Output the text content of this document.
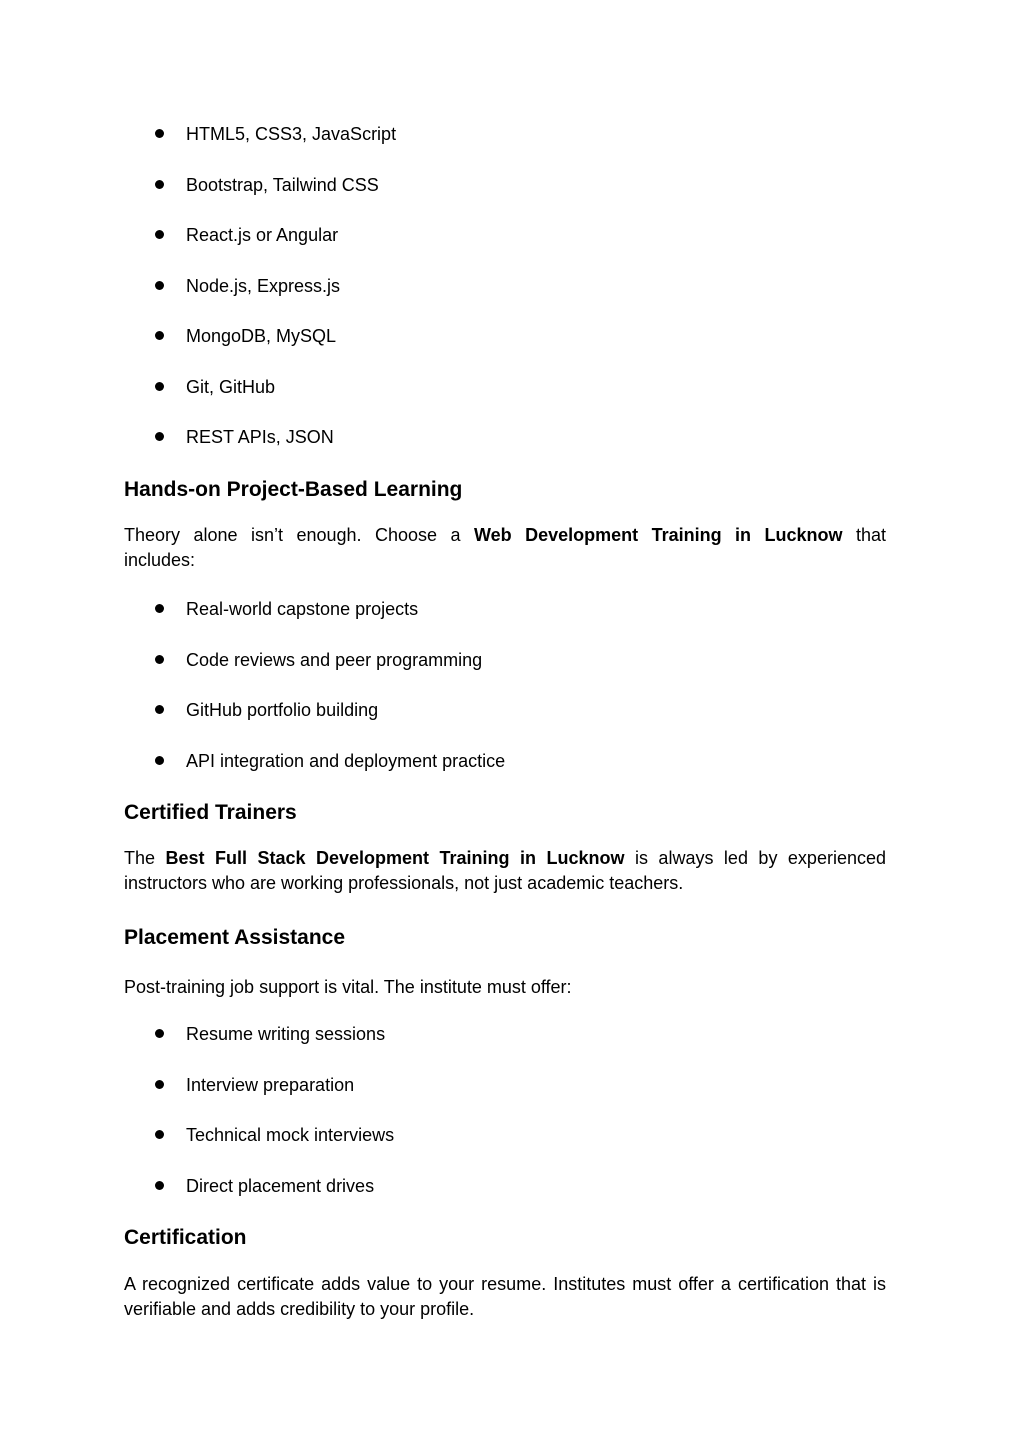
HTML5, CSS3, JavaScript
Bootstrap, Tailwind CSS
React.js or Angular
Node.js, Express.js
MongoDB, MySQL
Git, GitHub
REST APIs, JSON
Hands-on Project-Based Learning

Theory alone isn’t enough. Choose a Web Development Training in Lucknow that
includes:

Real-world capstone projects
Code reviews and peer programming
GitHub portfolio building
API integration and deployment practice
Certified Trainers

The Best Full Stack Development Training in Lucknow is always led by experienced
instructors who are working professionals, not just academic teachers.

Placement Assistance

Post-training job support is vital. The institute must offer:

Resume writing sessions
Interview preparation
Technical mock interviews
Direct placement drives
Certification

A recognized certificate adds value to your resume. Institutes must offer a certification that is
verifiable and adds credibility to your profile.
